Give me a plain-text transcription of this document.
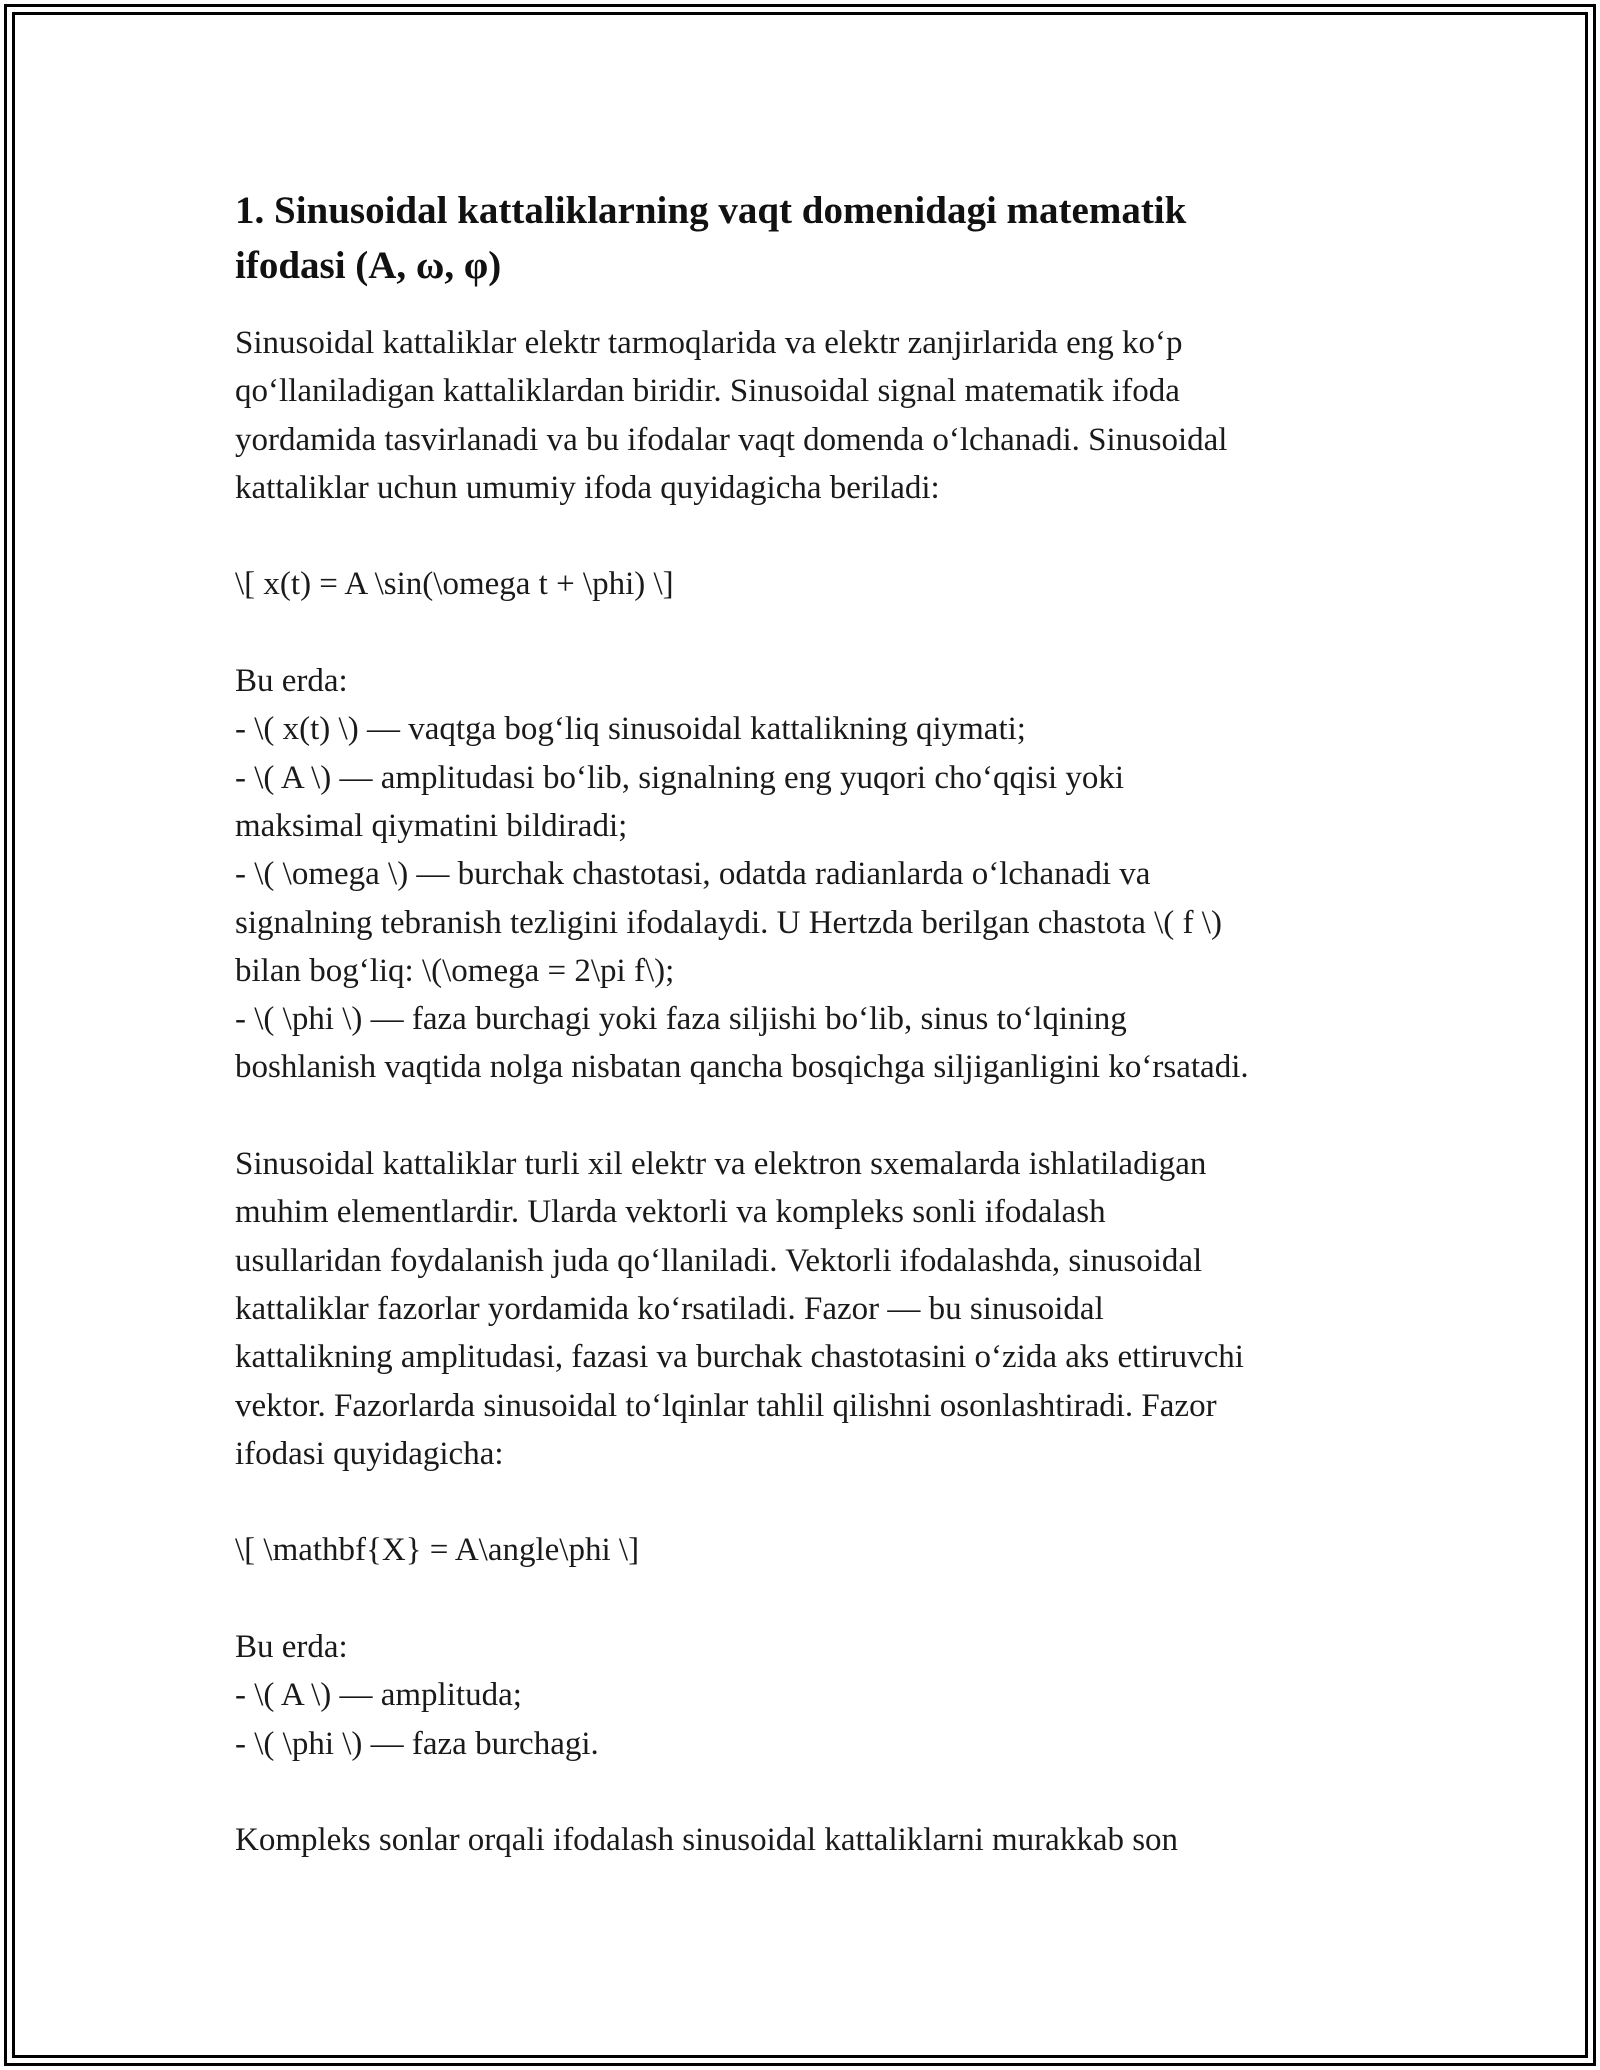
1. Sinusoidal kattaliklarning vaqt domenidagi matematik
ifodasi (A, ω, φ)
Sinusoidal kattaliklar elektr tarmoqlarida va elektr zanjirlarida eng ko‘p
qo‘llaniladigan kattaliklardan biridir. Sinusoidal signal matematik ifoda
yordamida tasvirlanadi va bu ifodalar vaqt domenda o‘lchanadi. Sinusoidal
kattaliklar uchun umumiy ifoda quyidagicha beriladi:
\[ x(t) = A \sin(\omega t + \phi) \]
Bu erda:
- \( x(t) \) — vaqtga bog‘liq sinusoidal kattalikning qiymati;
- \( A \) — amplitudasi bo‘lib, signalning eng yuqori cho‘qqisi yoki
maksimal qiymatini bildiradi;
- \( \omega \) — burchak chastotasi, odatda radianlarda o‘lchanadi va
signalning tebranish tezligini ifodalaydi. U Hertzda berilgan chastota \( f \)
bilan bog‘liq: \(\omega = 2\pi f\);
- \( \phi \) — faza burchagi yoki faza siljishi bo‘lib, sinus to‘lqining
boshlanish vaqtida nolga nisbatan qancha bosqichga siljiganligini ko‘rsatadi.
Sinusoidal kattaliklar turli xil elektr va elektron sxemalarda ishlatiladigan
muhim elementlardir. Ularda vektorli va kompleks sonli ifodalash
usullaridan foydalanish juda qo‘llaniladi. Vektorli ifodalashda, sinusoidal
kattaliklar fazorlar yordamida ko‘rsatiladi. Fazor — bu sinusoidal
kattalikning amplitudasi, fazasi va burchak chastotasini o‘zida aks ettiruvchi
vektor. Fazorlarda sinusoidal to‘lqinlar tahlil qilishni osonlashtiradi. Fazor
ifodasi quyidagicha:
\[ \mathbf{X} = A\angle\phi \]
Bu erda:
- \( A \) — amplituda;
- \( \phi \) — faza burchagi.
Kompleks sonlar orqali ifodalash sinusoidal kattaliklarni murakkab son
